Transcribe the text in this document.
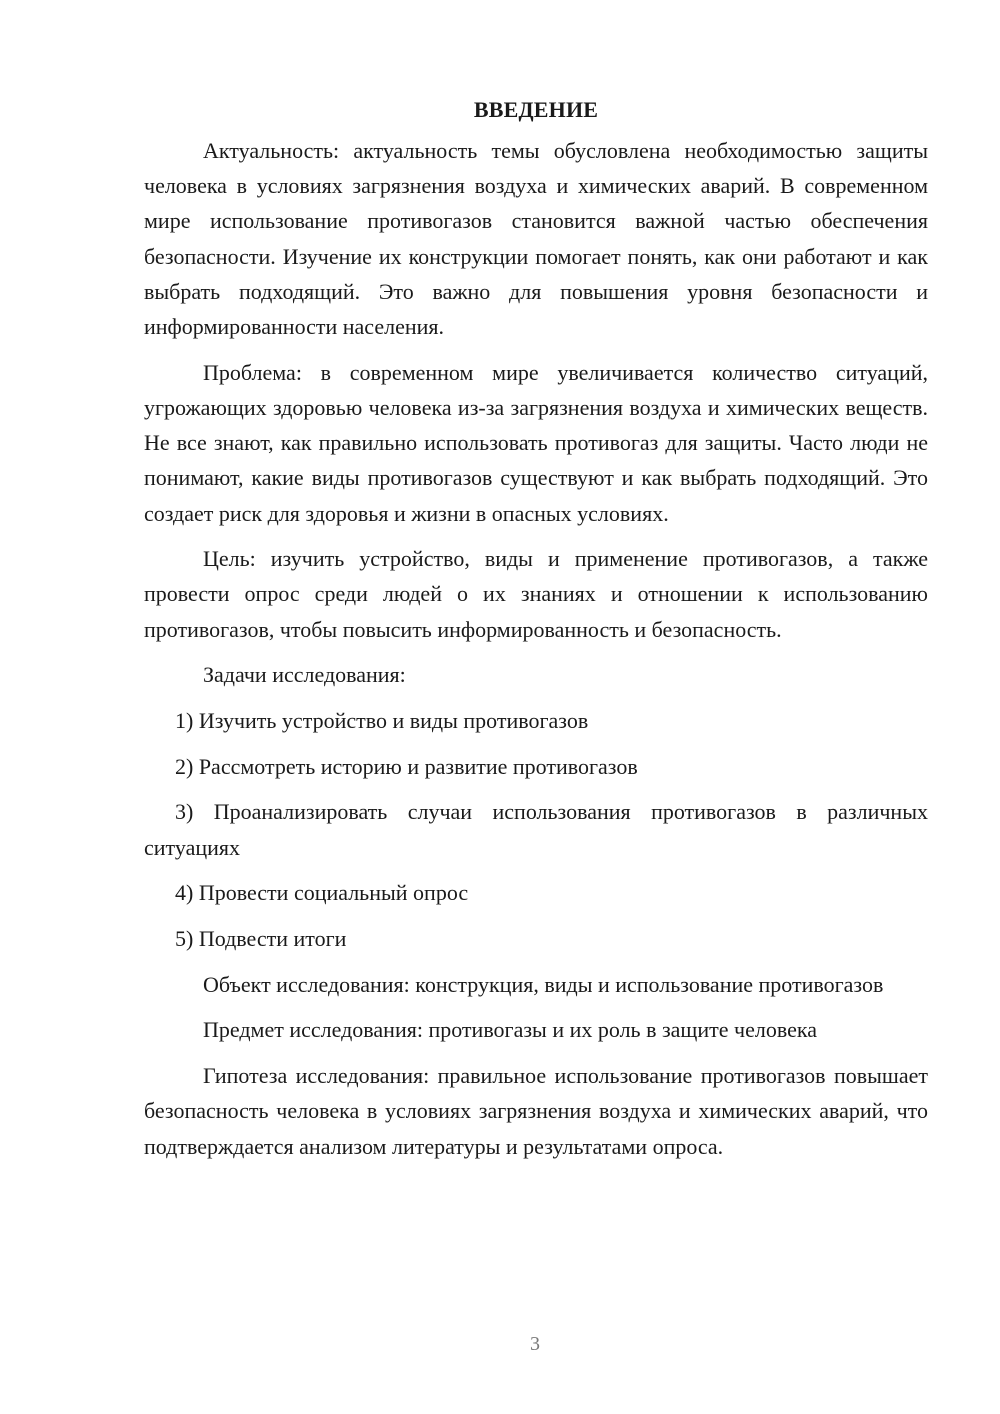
ВВЕДЕНИЕ

Актуальность: актуальность темы обусловлена необходимостью защиты человека в условиях загрязнения воздуха и химических аварий. В современном мире использование противогазов становится важной частью обеспечения безопасности. Изучение их конструкции помогает понять, как они работают и как выбрать подходящий. Это важно для повышения уровня безопасности и информированности населения.

Проблема: в современном мире увеличивается количество ситуаций, угрожающих здоровью человека из-за загрязнения воздуха и химических веществ. Не все знают, как правильно использовать противогаз для защиты. Часто люди не понимают, какие виды противогазов существуют и как выбрать подходящий. Это создает риск для здоровья и жизни в опасных условиях.

Цель: изучить устройство, виды и применение противогазов, а также провести опрос среди людей о их знаниях и отношении к использованию противогазов, чтобы повысить информированность и безопасность.

Задачи исследования:

1) Изучить устройство и виды противогазов

2) Рассмотреть историю и развитие противогазов

3) Проанализировать случаи использования противогазов в различных ситуациях

4) Провести социальный опрос

5) Подвести итоги

Объект исследования: конструкция, виды и использование противогазов

Предмет исследования: противогазы и их роль в защите человека

Гипотеза исследования: правильное использование противогазов повышает безопасность человека в условиях загрязнения воздуха и химических аварий, что подтверждается анализом литературы и результатами опроса.

3
